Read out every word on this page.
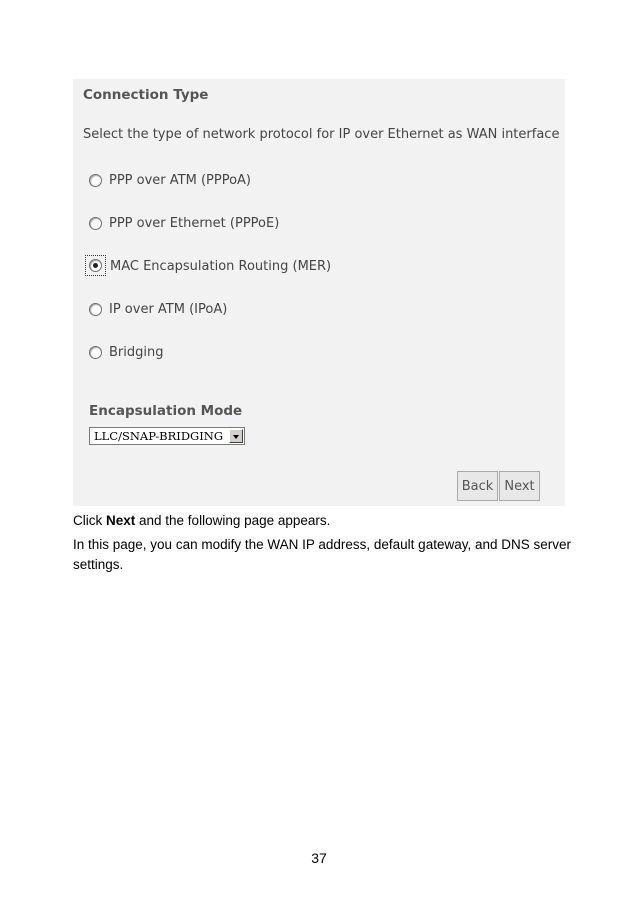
Connection Type
Select the type of network protocol for IP over Ethernet as WAN interface
PPP over ATM (PPPoA)
PPP over Ethernet (PPPoE)
MAC Encapsulation Routing (MER)
IP over ATM (IPoA)
Bridging
Encapsulation Mode
LLC/SNAP-BRIDGING
Back Next
Click Next and the following page appears.
In this page, you can modify the WAN IP address, default gateway, and DNS server
settings.
37
